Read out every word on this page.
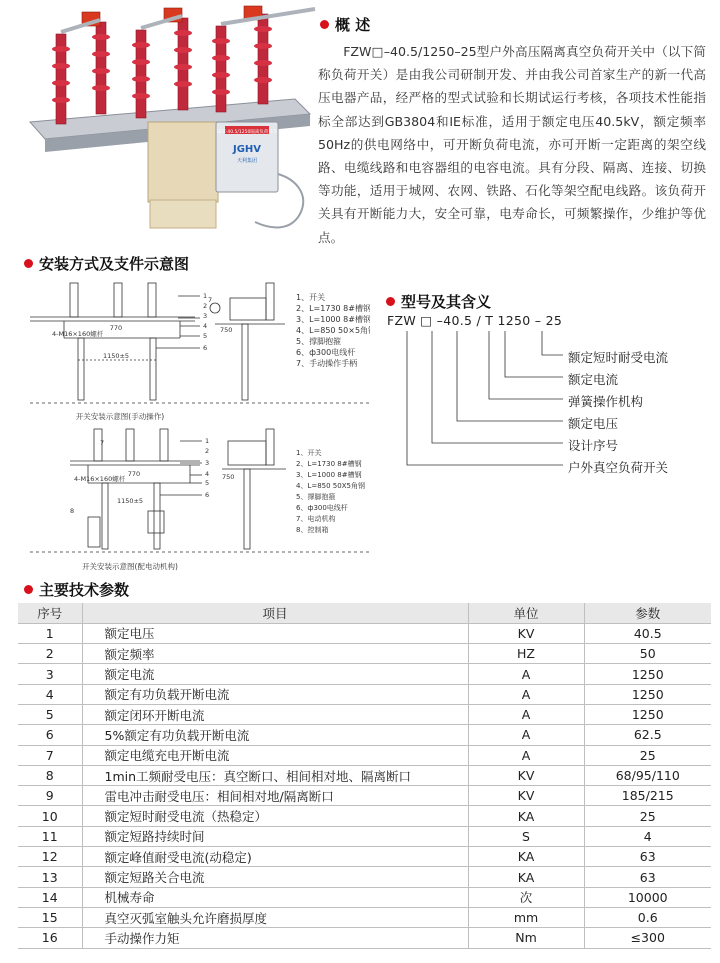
GFZ-40.5/1250隔离负荷开关
JGHV
天利集团
概 述

FZW□–40.5/1250–25型户外高压隔离真空负荷开关中（以下简称负荷开关）是由我公司研制开发、并由我公司首家生产的新一代高压电器产品，经严格的型式试验和长期试运行考核，各项技术性能指标全部达到GB3804和IE标准，适用于额定电压40.5kV，额定频率50Hz的供电网络中，可开断负荷电流，亦可开断一定距离的架空线路、电缆线路和电容器组的电容电流。具有分段、隔离、连接、切换等功能，适用于城网、农网、铁路、石化等架空配电线路。该负荷开关具有开断能力大，安全可靠，电寿命长，可频繁操作，少维护等优点。

安装方式及支件示意图
770
4-M16×160螺杆
1150±5
1
2
3
4
5
6
7
750
1、开关
2、L=1730 8#槽钢
3、L=1000 8#槽钢
4、L=850 50×5角钢
5、撑脚抱箍
6、ф300电线杆
7、手动操作手柄
开关安装示意图(手动操作)
770
4-M16×160螺杆
1150±5
1
2
3
4
5
6
7
8
750
1、开关
2、L=1730 8#槽钢
3、L=1000 8#槽钢
4、L=850 50X5角钢
5、撑脚抱箍
6、ф300电线杆
7、电动机构
8、控制箱
开关安装示意图(配电动机构)
型号及其含义
FZW □ –40.5 / T 1250 – 25
额定短时耐受电流
额定电流
弹簧操作机构
额定电压
设计序号
户外真空负荷开关
主要技术参数
序号	项目	单位	参数
1	额定电压	KV	40.5
2	额定频率	HZ	50
3	额定电流	A	1250
4	额定有功负载开断电流	A	1250
5	额定闭环开断电流	A	1250
6	5%额定有功负载开断电流	A	62.5
7	额定电缆充电开断电流	A	25
8	1min工频耐受电压：真空断口、相间相对地、隔离断口	KV	68/95/110
9	雷电冲击耐受电压：相间相对地/隔离断口	KV	185/215
10	额定短时耐受电流（热稳定）	KA	25
11	额定短路持续时间	S	4
12	额定峰值耐受电流(动稳定)	KA	63
13	额定短路关合电流	KA	63
14	机械寿命	次	10000
15	真空灭弧室触头允许磨损厚度	mm	0.6
16	手动操作力矩	Nm	≤300
